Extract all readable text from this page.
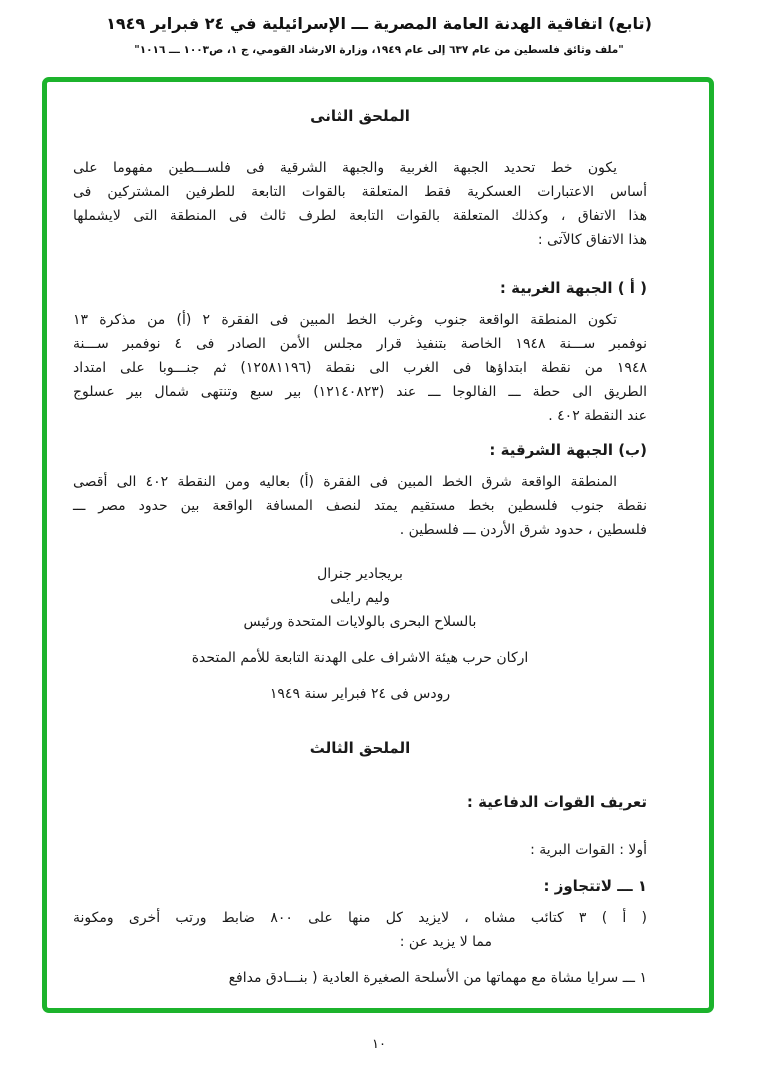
(تابع) اتفاقية الهدنة العامة المصرية ـــ الإسرائيلية في ٢٤ فبراير ١٩٤٩
"ملف وثائق فلسطين من عام ٦٣٧ إلى عام ١٩٤٩، وزارة الارشاد القومي، ج ١، ص١٠٠٣ ـــ ١٠١٦"
الملحق الثانى
يكون خط تحديد الجبهة الغربية والجبهة الشرقية فى فلســـطين مفهوما على
أساس الاعتبارات العسكرية فقط المتعلقة بالقوات التابعة للطرفين المشتركين فى
هذا الاتفاق ، وكذلك المتعلقة بالقوات التابعة لطرف ثالث فى المنطقة التى لايشملها
هذا الاتفاق كالآتى :
( أ ) الجبهة الغربية :
تكون المنطقة الواقعة جنوب وغرب الخط المبين فى الفقرة ٢ (أ) من مذكرة ١٣
نوفمبر ســـنة ١٩٤٨ الخاصة بتنفيذ قرار مجلس الأمن الصادر فى ٤ نوفمبر ســـنة
١٩٤٨ من نقطة ابتداؤها فى الغرب الى نقطة (١٢٥٨١١٩٦) ثم جنـــوبا على امتداد
الطريق الى حطة ـــ الفالوجا ـــ عند (١٢١٤٠٨٢٣) بير سبع وتنتهى شمال بير عسلوج
عند النقطة ٤٠٢ .
(ب) الجبهة الشرقية :
المنطقة الواقعة شرق الخط المبين فى الفقرة (أ) بعاليه ومن النقطة ٤٠٢ الى أقصى
نقطة جنوب فلسطين بخط مستقيم يمتد لنصف المسافة الواقعة بين حدود مصر ـــ
فلسطين ، حدود شرق الأردن ـــ فلسطين .
بريجادير جنرال
وليم رايلى
بالسلاح البحرى بالولايات المتحدة ورئيس
اركان حرب هيئة الاشراف على الهدنة التابعة للأمم المتحدة
رودس فى ٢٤ فبراير سنة ١٩٤٩
الملحق الثالث
تعريف القوات الدفاعية :
أولا : القوات البرية :
١ ـــ لاتتجاوز :
( أ ) ٣ كتائب مشاه ، لايزيد كل منها على ٨٠٠ ضابط ورتب أخرى ومكونة
مما لا يزيد عن :
١ ـــ سرايا مشاة مع مهماتها من الأسلحة الصغيرة العادية ( بنـــادق مدافع
١٠
